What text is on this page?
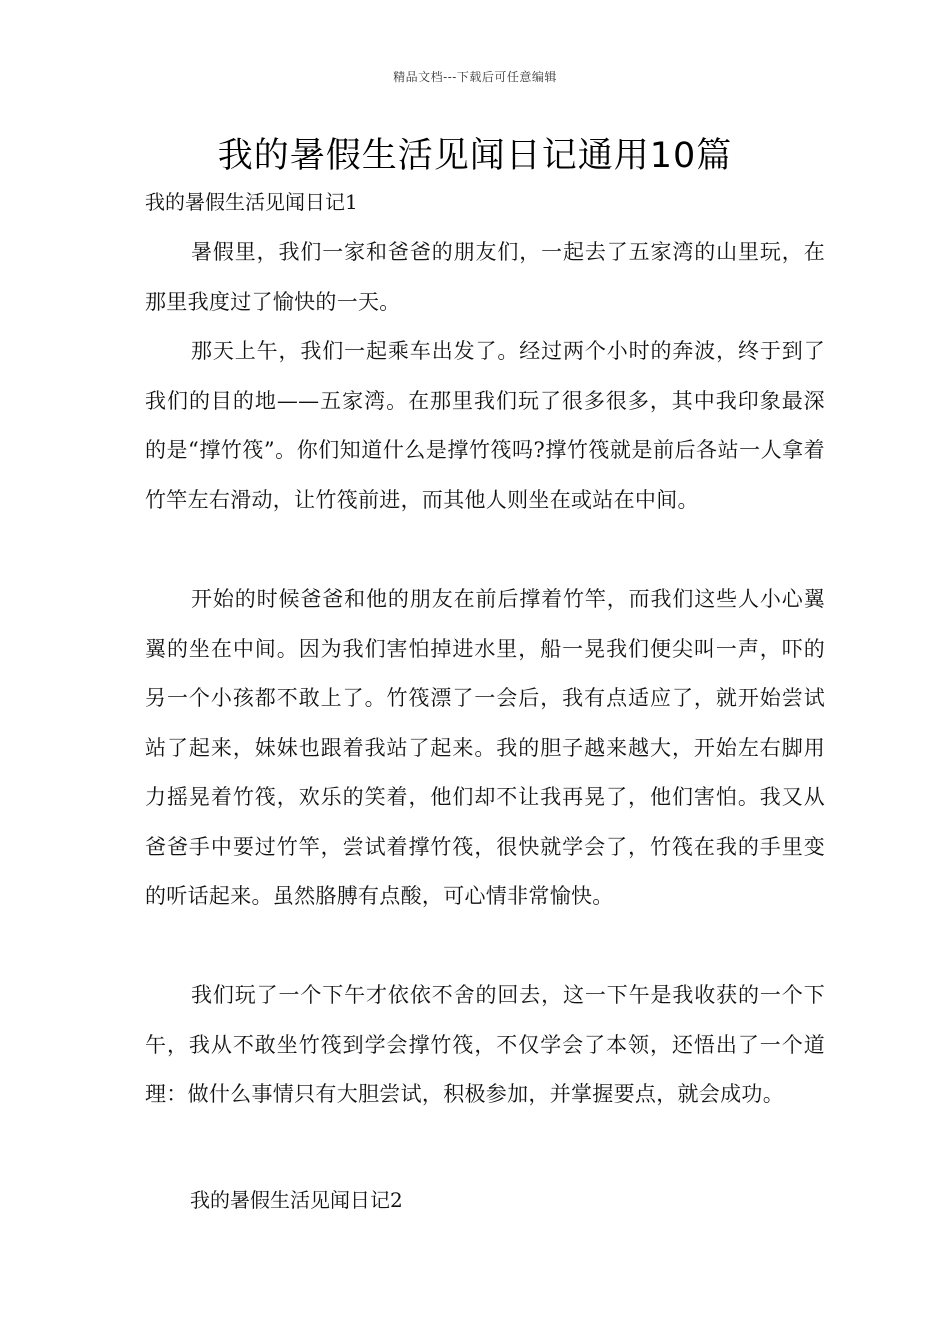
精品文档---下载后可任意编辑
我的暑假生活见闻日记通用10篇
我的暑假生活见闻日记1

暑假里，我们一家和爸爸的朋友们，一起去了五家湾的山里玩，在那里我度过了愉快的一天。

那天上午，我们一起乘车出发了。经过两个小时的奔波，终于到了我们的目的地——五家湾。在那里我们玩了很多很多，其中我印象最深的是“撑竹筏”。你们知道什么是撑竹筏吗?撑竹筏就是前后各站一人拿着竹竿左右滑动，让竹筏前进，而其他人则坐在或站在中间。

开始的时候爸爸和他的朋友在前后撑着竹竿，而我们这些人小心翼翼的坐在中间。因为我们害怕掉进水里，船一晃我们便尖叫一声，吓的另一个小孩都不敢上了。竹筏漂了一会后，我有点适应了，就开始尝试站了起来，妹妹也跟着我站了起来。我的胆子越来越大，开始左右脚用力摇晃着竹筏，欢乐的笑着，他们却不让我再晃了，他们害怕。我又从爸爸手中要过竹竿，尝试着撑竹筏，很快就学会了，竹筏在我的手里变的听话起来。虽然胳膊有点酸，可心情非常愉快。

我们玩了一个下午才依依不舍的回去，这一下午是我收获的一个下午，我从不敢坐竹筏到学会撑竹筏，不仅学会了本领，还悟出了一个道理：做什么事情只有大胆尝试，积极参加，并掌握要点，就会成功。

我的暑假生活见闻日记2
